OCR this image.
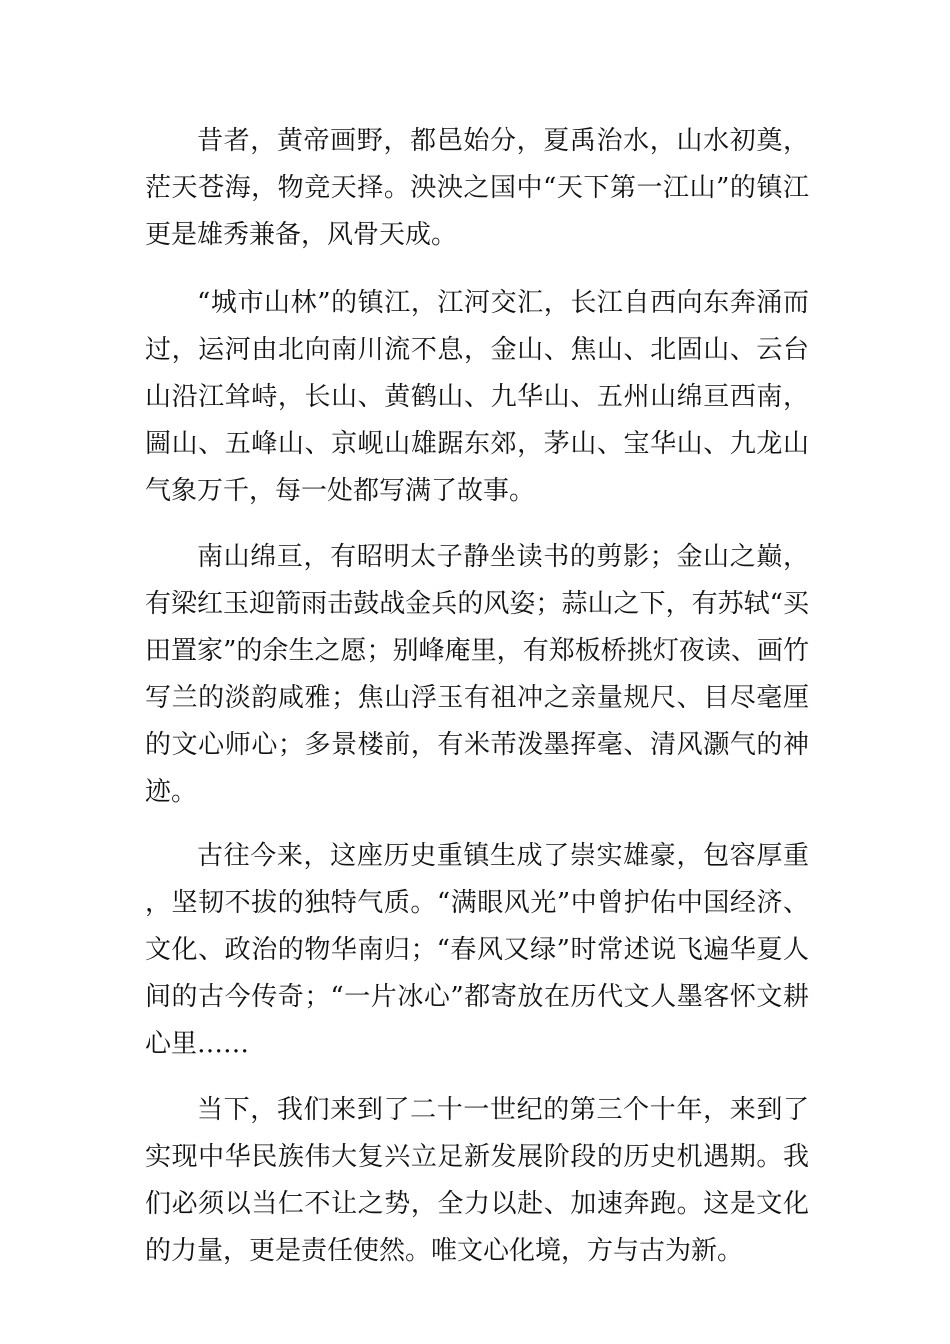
昔者，黄帝画野，都邑始分，夏禹治水，山水初奠，茫天苍海，物竞天择。泱泱之国中“天下第一江山”的镇江更是雄秀兼备，风骨天成。

“城市山林”的镇江，江河交汇，长江自西向东奔涌而过，运河由北向南川流不息，金山、焦山、北固山、云台山沿江耸峙，长山、黄鹤山、九华山、五州山绵亘西南，圌山、五峰山、京岘山雄踞东郊，茅山、宝华山、九龙山气象万千，每一处都写满了故事。

南山绵亘，有昭明太子静坐读书的剪影；金山之巅，有梁红玉迎箭雨击鼓战金兵的风姿；蒜山之下，有苏轼“买田置家”的余生之愿；别峰庵里，有郑板桥挑灯夜读、画竹写兰的淡韵咸雅；焦山浮玉有祖冲之亲量规尺、目尽毫厘的文心师心；多景楼前，有米芾泼墨挥毫、清风灏气的神迹。

古往今来，这座历史重镇生成了崇实雄豪，包容厚重，坚韧不拔的独特气质。“满眼风光”中曾护佑中国经济、文化、政治的物华南归；“春风又绿”时常述说飞遍华夏人间的古今传奇；“一片冰心”都寄放在历代文人墨客怀文耕心里……

当下，我们来到了二十一世纪的第三个十年，来到了实现中华民族伟大复兴立足新发展阶段的历史机遇期。我们必须以当仁不让之势，全力以赴、加速奔跑。这是文化的力量，更是责任使然。唯文心化境，方与古为新。
